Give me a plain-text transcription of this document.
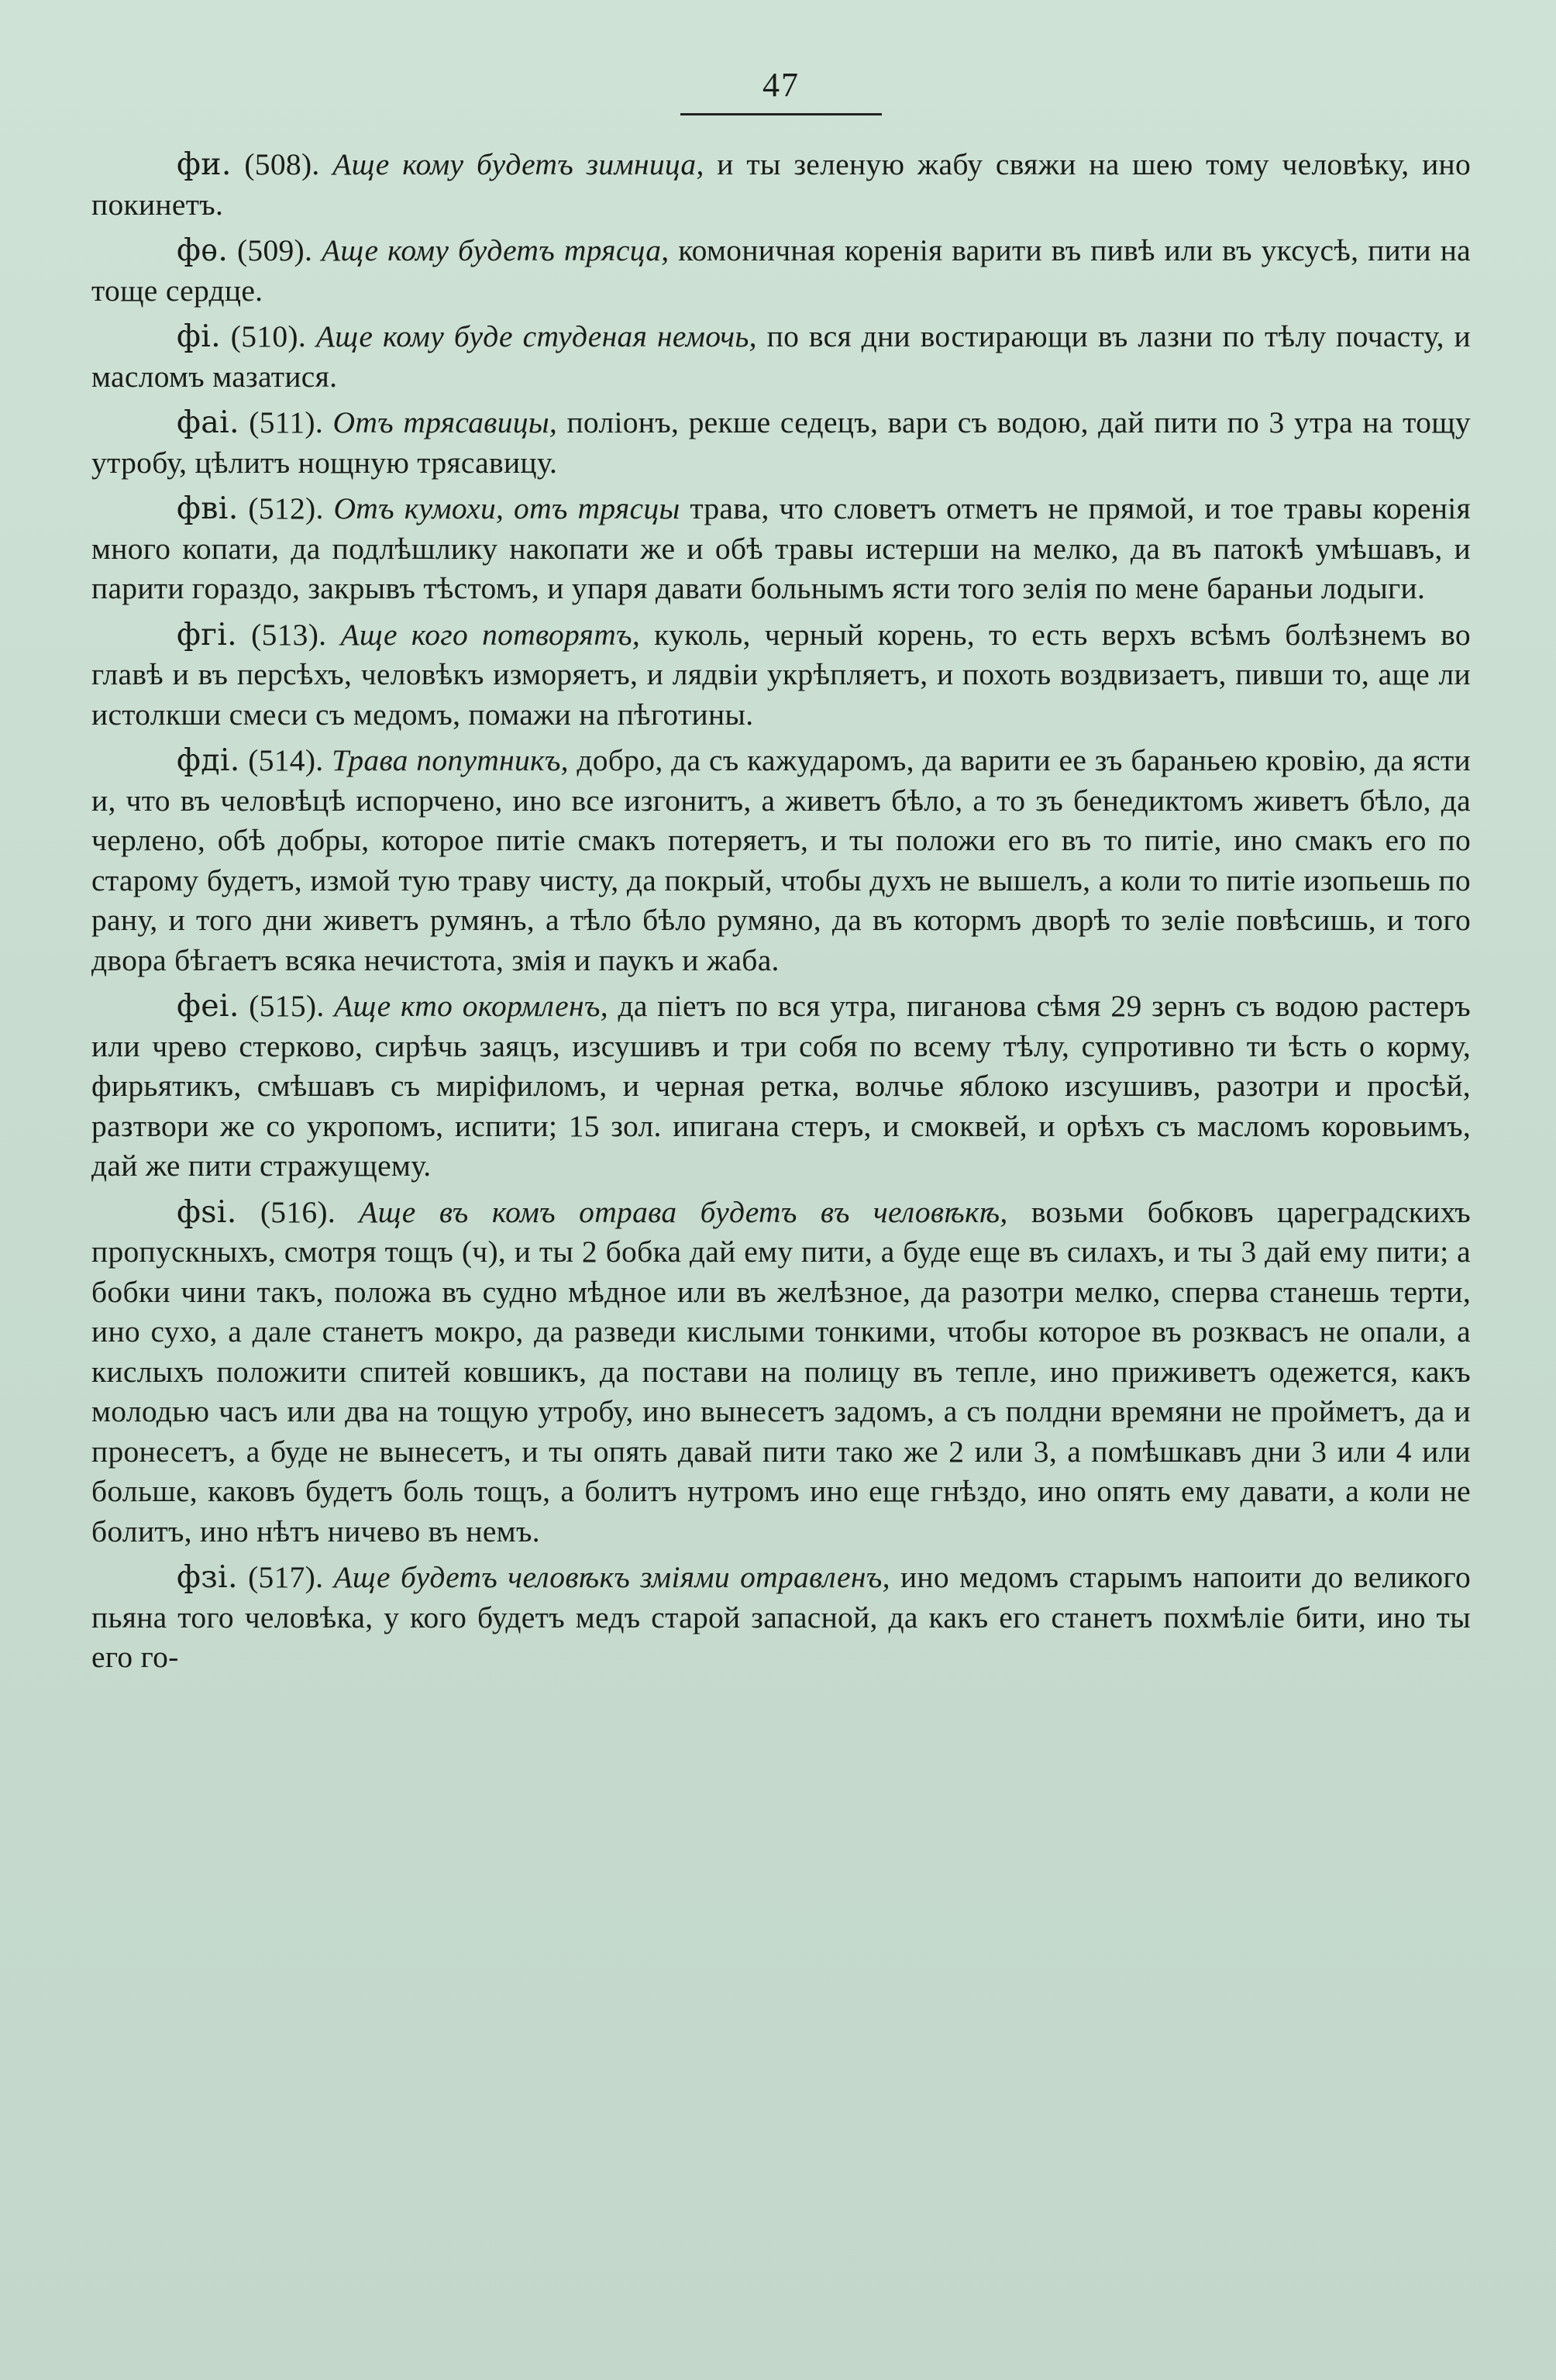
47

фи. (508). Аще кому будетъ зимница, и ты зеленую жабу свяжи на шею тому человѣку, ино покинетъ.

фѳ. (509). Аще кому будетъ трясца, комоничная коренія варити въ пивѣ или въ уксусѣ, пити на тоще сердце.

фі. (510). Аще кому буде студеная немочь, по вся дни востирающи въ лазни по тѣлу почасту, и масломъ мазатися.

фаі. (511). Отъ трясавицы, поліонъ, рекше седецъ, вари съ водою, дай пити по 3 утра на тощу утробу, цѣлитъ нощную трясавицу.

фві. (512). Отъ кумохи, отъ трясцы трава, что словетъ отметъ не прямой, и тое травы коренія много копати, да подлѣшлику накопати же и обѣ травы истерши на мелко, да въ патокѣ умѣшавъ, и парити гораздо, закрывъ тѣстомъ, и упаря давати больнымъ ясти того зелія по мене бараньи лодыги.

фгі. (513). Аще кого потворятъ, куколь, черный корень, то есть верхъ всѣмъ болѣзнемъ во главѣ и въ персѣхъ, человѣкъ изморяетъ, и лядвіи укрѣпляетъ, и похоть воздвизаетъ, пивши то, аще ли истолкши смеси съ медомъ, помажи на пѣготины.

фді. (514). Трава попутникъ, добро, да съ кажударомъ, да варити ее зъ бараньею кровію, да ясти и, что въ человѣцѣ испорчено, ино все изгонитъ, а живетъ бѣло, а то зъ бенедиктомъ живетъ бѣло, да черлено, обѣ добры, которое питіе смакъ потеряетъ, и ты положи его въ то питіе, ино смакъ его по старому будетъ, измой тую траву чисту, да покрый, чтобы духъ не вышелъ, а коли то питіе изопьешь по рану, и того дни живетъ румянъ, а тѣло бѣло румяно, да въ котормъ дворѣ то зеліе повѣсишь, и того двора бѣгаетъ всяка нечистота, змія и паукъ и жаба.

феі. (515). Аще кто окормленъ, да піетъ по вся утра, пиганова сѣмя 29 зернъ съ водою растеръ или чрево стерково, сирѣчь заяцъ, изсушивъ и три собя по всему тѣлу, супротивно ти ѣсть о корму, фирьятикъ, смѣшавъ съ миріфиломъ, и черная ретка, волчье яблоко изсушивъ, разотри и просѣй, разтвори же со укропомъ, испити; 15 зол. ипигана стеръ, и смоквей, и орѣхъ съ масломъ коровьимъ, дай же пити стражущему.

фѕі. (516). Аще въ комъ отрава будетъ въ человѣкѣ, возьми бобковъ цареградскихъ пропускныхъ, смотря тощъ (ч), и ты 2 бобка дай ему пити, а буде еще въ силахъ, и ты 3 дай ему пити; а бобки чини такъ, положа въ судно мѣдное или въ желѣзное, да разотри мелко, сперва станешь терти, ино сухо, а дале станетъ мокро, да разведи кислыми тонкими, чтобы которое въ розквасъ не опали, а кислыхъ положити спитей ковшикъ, да постави на полицу въ тепле, ино приживетъ одежется, какъ молодью часъ или два на тощую утробу, ино вынесетъ задомъ, а съ полдни времяни не пройметъ, да и пронесетъ, а буде не вынесетъ, и ты опять давай пити тако же 2 или 3, а помѣшкавъ дни 3 или 4 или больше, каковъ будетъ боль тощъ, а болитъ нутромъ ино еще гнѣздо, ино опять ему давати, а коли не болитъ, ино нѣтъ ничево въ немъ.

фзі. (517). Аще будетъ человѣкъ зміями отравленъ, ино медомъ старымъ напоити до великого пьяна того человѣка, у кого будетъ медъ старой запасной, да какъ его станетъ похмѣліе бити, ино ты его го-
